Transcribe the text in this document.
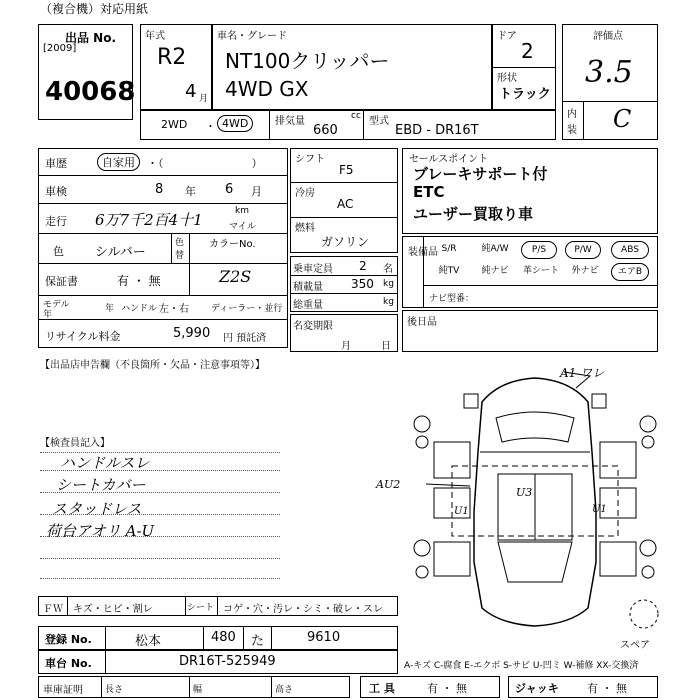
（複合機）対応用紙
出品 No.
[2009]
40068
年式
R2
4 月
車名・グレード
NT100クリッパー
4WD GX
ドア
2
形状
トラック
2WD ・ 4WD	排気量	cc
660
型式
EBD - DR16T
評価点
3.5
内
装 C
車歴	自家用	・（　　　　　　　　）
車検	8 年 6 月
走行 6万7千2百4十1	km
マイル
色 シルバー
色
替
カラーNo.
保証書	有 ・ 無	Z2S
モデル
年
年 ハンドル 左・右 ディーラー・並行
リサイクル料金	5,990 円 預託済
シフト
F5
冷房
AC
燃料
ガソリン
乗車定員 2 名
積載量 350 kg
総重量	kg
名変期限
月	日
セールスポイント
ブレーキサポート付
ETC
ユーザー買取り車
装備品 S/R	純A/W	P/S	P/W	ABS
純TV	純ナビ	革シート	外ナビ	エアB
ナビ型番：
後日品
【出品店申告欄（不良箇所・欠品・注意事項等）】
【検査員記入】
ハンドルスレ
シートカバー
スタッドレス
荷台アオリ A-U
ＦＷ キズ・ヒビ・割レ	シート コゲ・穴・汚レ・シミ・破レ・スレ
A1 ワレ
AU2
U3
U1	U1
スペア
登録 No.	松本	480 た	9610
車台 No.	DR16T-525949	A-キズ C-腐食 E-エクボ S-サビ U-凹ミ W-補修 XX-交換済
車庫証明 長さ	幅	高さ	工 具	有 ・ 無	ジャッキ	有 ・ 無
